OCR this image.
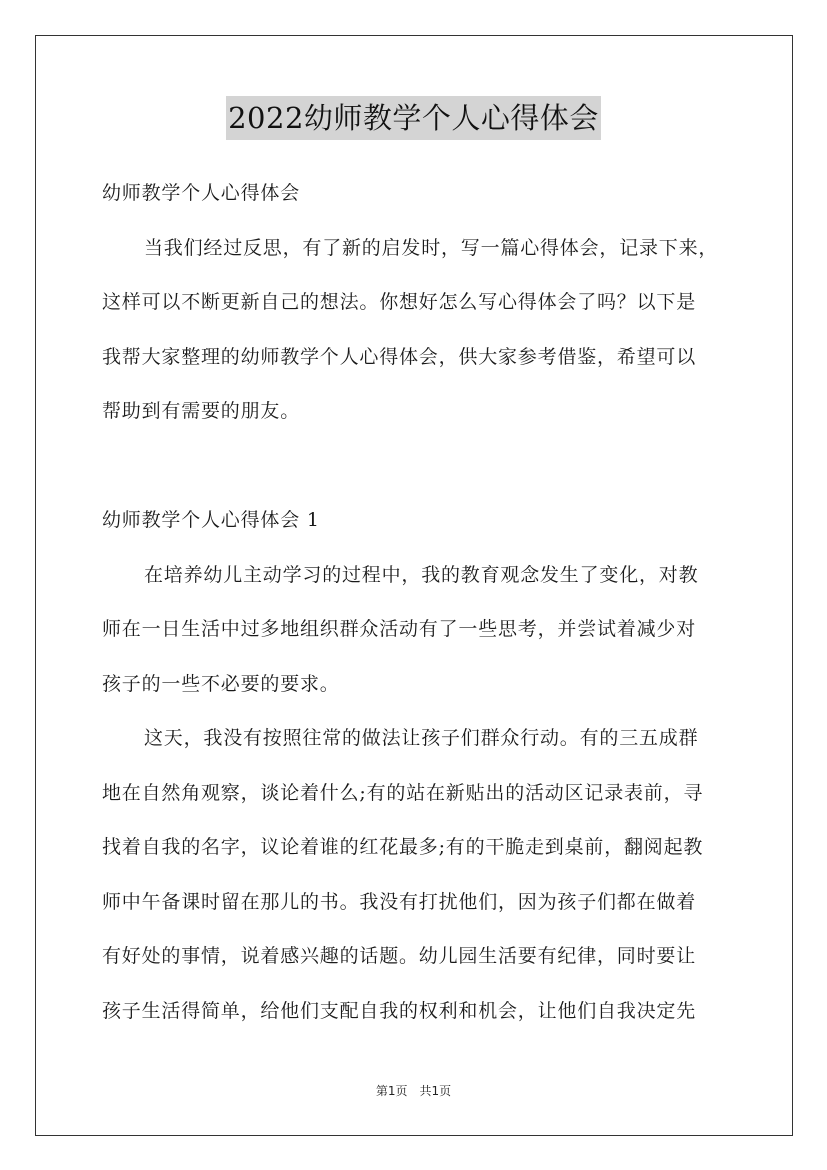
2022幼师教学个人心得体会
幼师教学个人心得体会
当我们经过反思，有了新的启发时，写一篇心得体会，记录下来，
这样可以不断更新自己的想法。你想好怎么写心得体会了吗？以下是
我帮大家整理的幼师教学个人心得体会，供大家参考借鉴，希望可以
帮助到有需要的朋友。
幼师教学个人心得体会 1
在培养幼儿主动学习的过程中，我的教育观念发生了变化，对教
师在一日生活中过多地组织群众活动有了一些思考，并尝试着减少对
孩子的一些不必要的要求。
这天，我没有按照往常的做法让孩子们群众行动。有的三五成群
地在自然角观察，谈论着什么;有的站在新贴出的活动区记录表前，寻
找着自我的名字，议论着谁的红花最多;有的干脆走到桌前，翻阅起教
师中午备课时留在那儿的书。我没有打扰他们，因为孩子们都在做着
有好处的事情，说着感兴趣的话题。幼儿园生活要有纪律，同时要让
孩子生活得简单，给他们支配自我的权利和机会，让他们自我决定先
第1页　共1页
